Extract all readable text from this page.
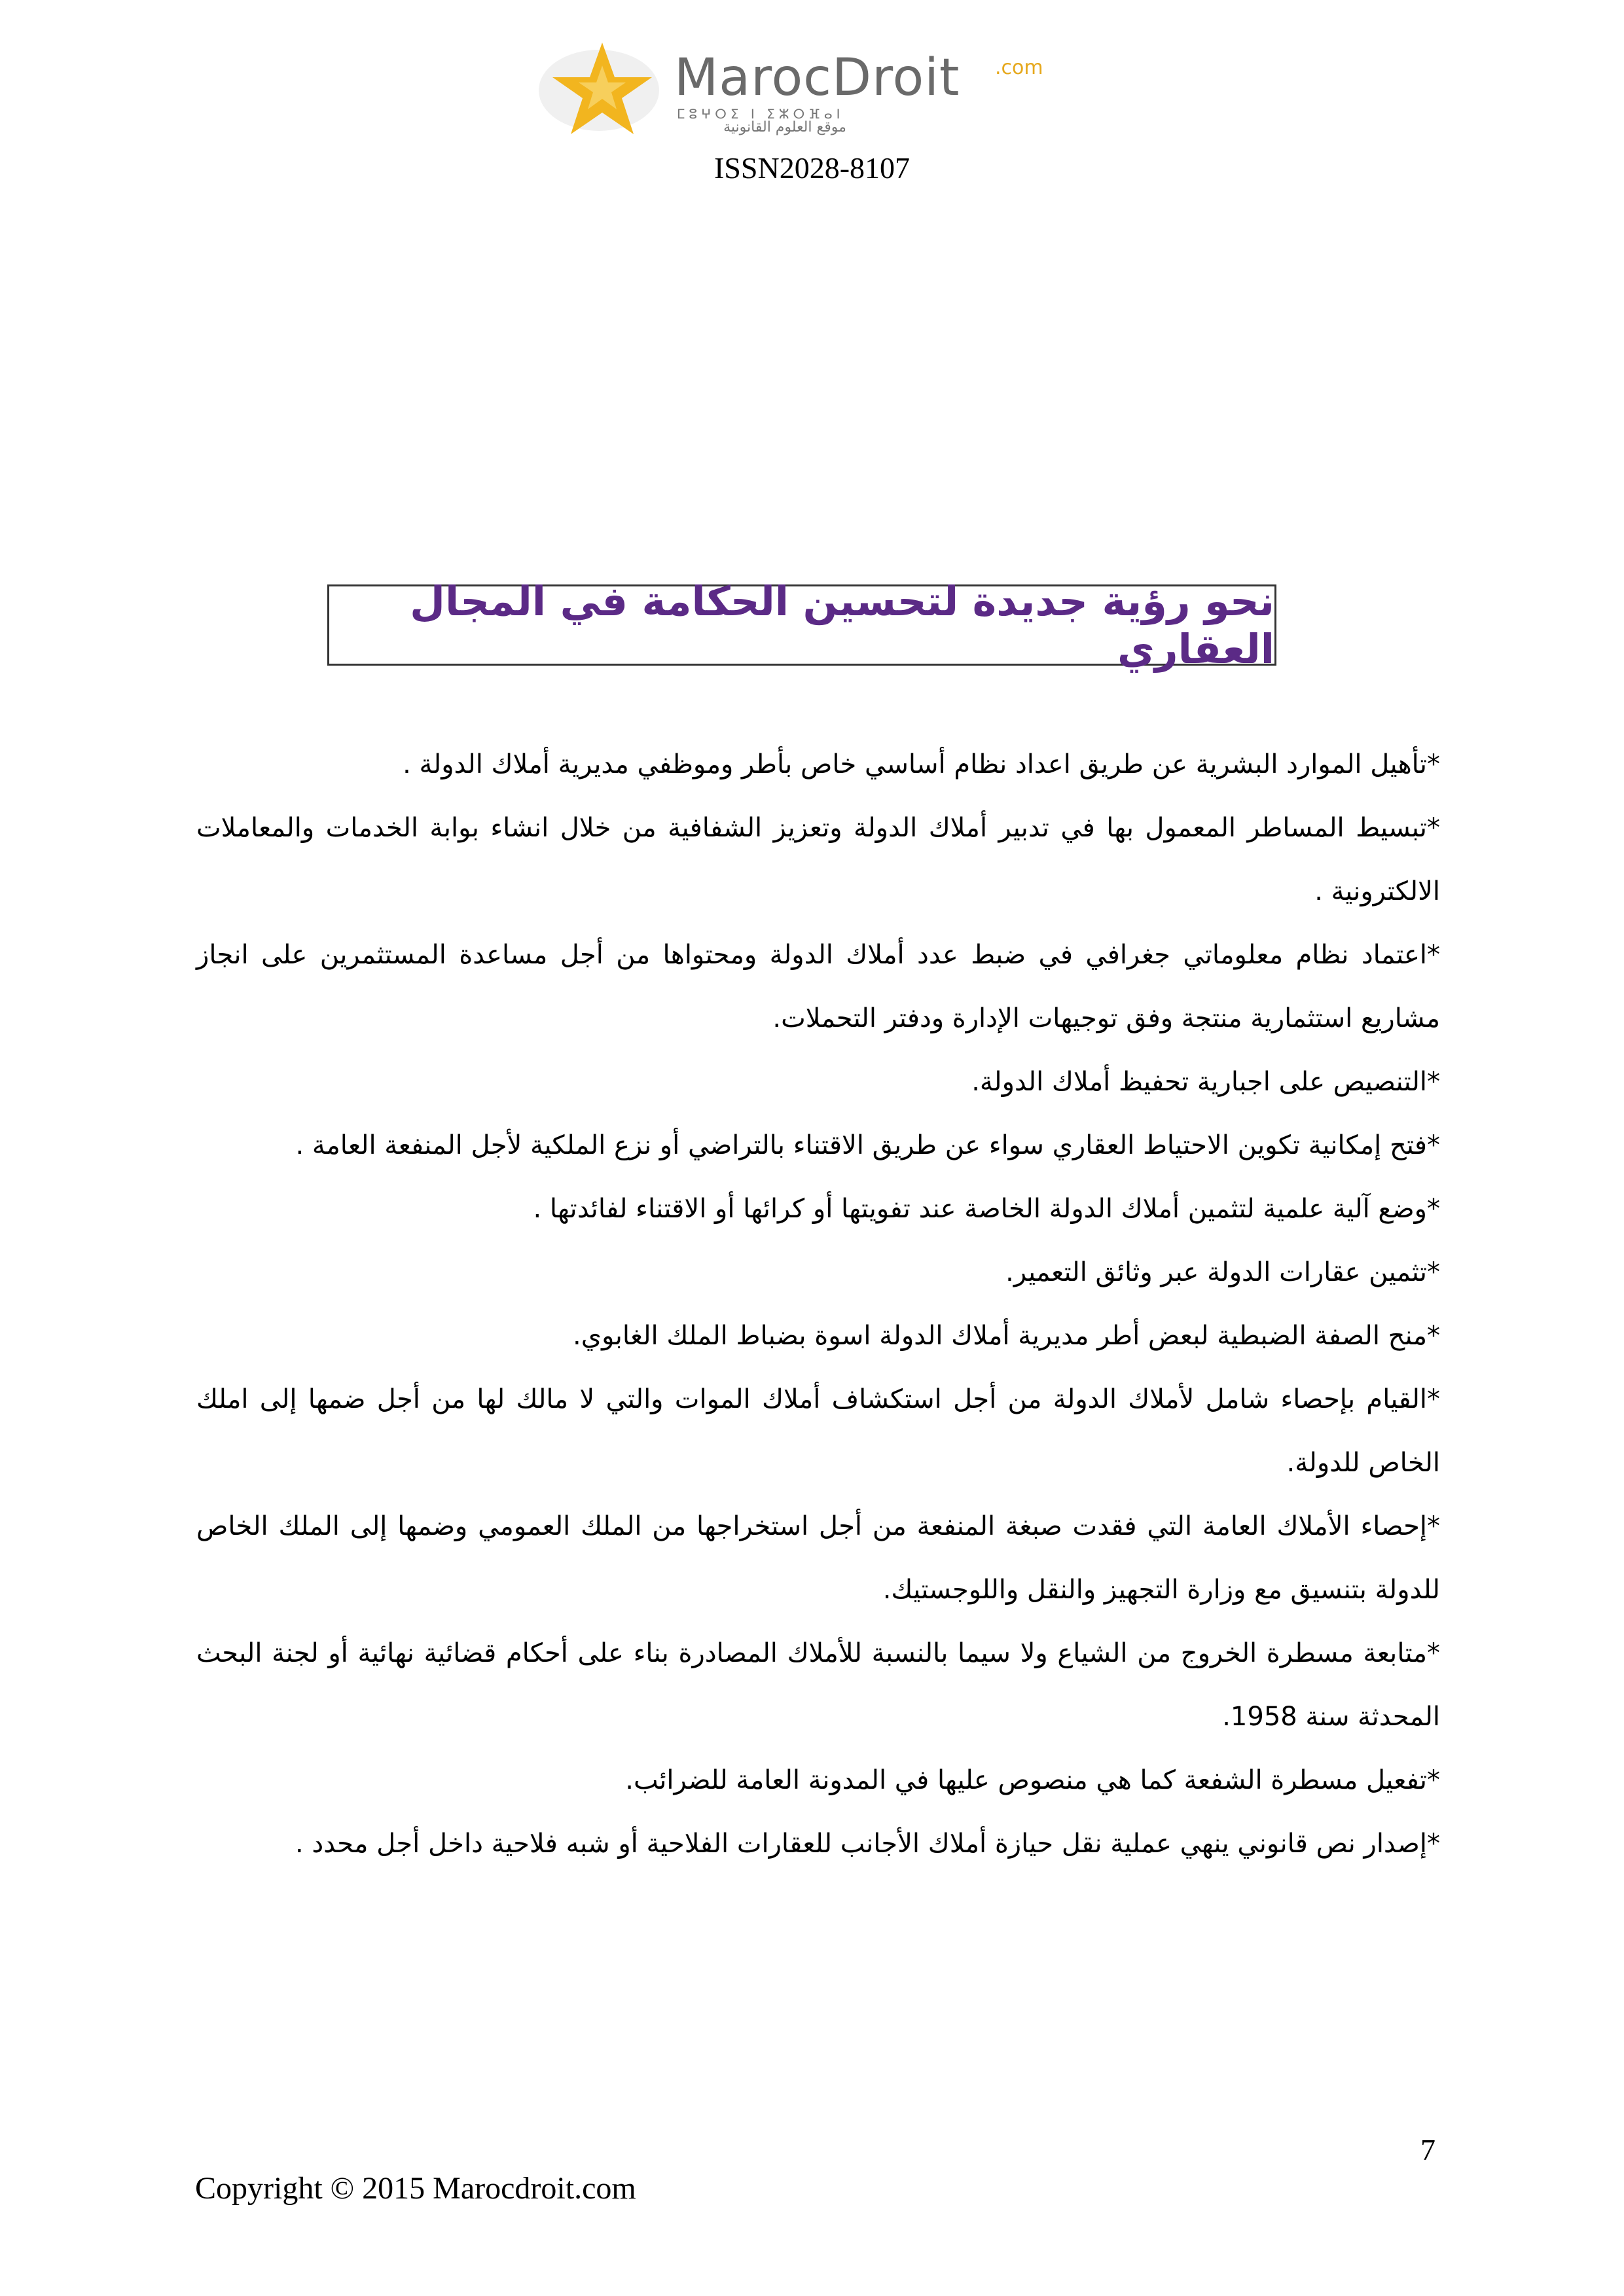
MarocDroit .com
ⵎⵓⵖⵔⵉ ⵏ ⵉⵣⵔⴼⴰⵏ
موقع العلوم القانونية
ISSN2028-8107
نحو رؤية جديدة لتحسين الحكامة في المجال العقاري

*تأهيل الموارد البشرية عن طريق اعداد نظام أساسي خاص بأطر وموظفي مديرية أملاك الدولة .

*تبسيط المساطر المعمول بها في تدبير أملاك الدولة وتعزيز الشفافية من خلال انشاء بوابة الخدمات والمعاملات الالكترونية .

*اعتماد نظام معلوماتي جغرافي في ضبط عدد أملاك الدولة ومحتواها من أجل مساعدة المستثمرين على انجاز مشاريع استثمارية منتجة وفق توجيهات الإدارة ودفتر التحملات.

*التنصيص على اجبارية تحفيظ أملاك الدولة.

*فتح إمكانية تكوين الاحتياط العقاري سواء عن طريق الاقتناء بالتراضي أو نزع الملكية لأجل المنفعة العامة .

*وضع آلية علمية لتثمين أملاك الدولة الخاصة عند تفويتها أو كرائها أو الاقتناء لفائدتها .

*تثمين عقارات الدولة عبر وثائق التعمير.

*منح الصفة الضبطية لبعض أطر مديرية أملاك الدولة اسوة بضباط الملك الغابوي.

*القيام بإحصاء شامل لأملاك الدولة من أجل استكشاف أملاك الموات والتي لا مالك لها من أجل ضمها إلى املك الخاص للدولة.

*إحصاء الأملاك العامة التي فقدت صبغة المنفعة من أجل استخراجها من الملك العمومي وضمها إلى الملك الخاص للدولة بتنسيق مع وزارة التجهيز والنقل واللوجستيك.

*متابعة مسطرة الخروج من الشياع ولا سيما بالنسبة للأملاك المصادرة بناء على أحكام قضائية نهائية أو لجنة البحث المحدثة سنة 1958.

*تفعيل مسطرة الشفعة كما هي منصوص عليها في المدونة العامة للضرائب.

*إصدار نص قانوني ينهي عملية نقل حيازة أملاك الأجانب للعقارات الفلاحية أو شبه فلاحية داخل أجل محدد .

7
Copyright © 2015 Marocdroit.com
